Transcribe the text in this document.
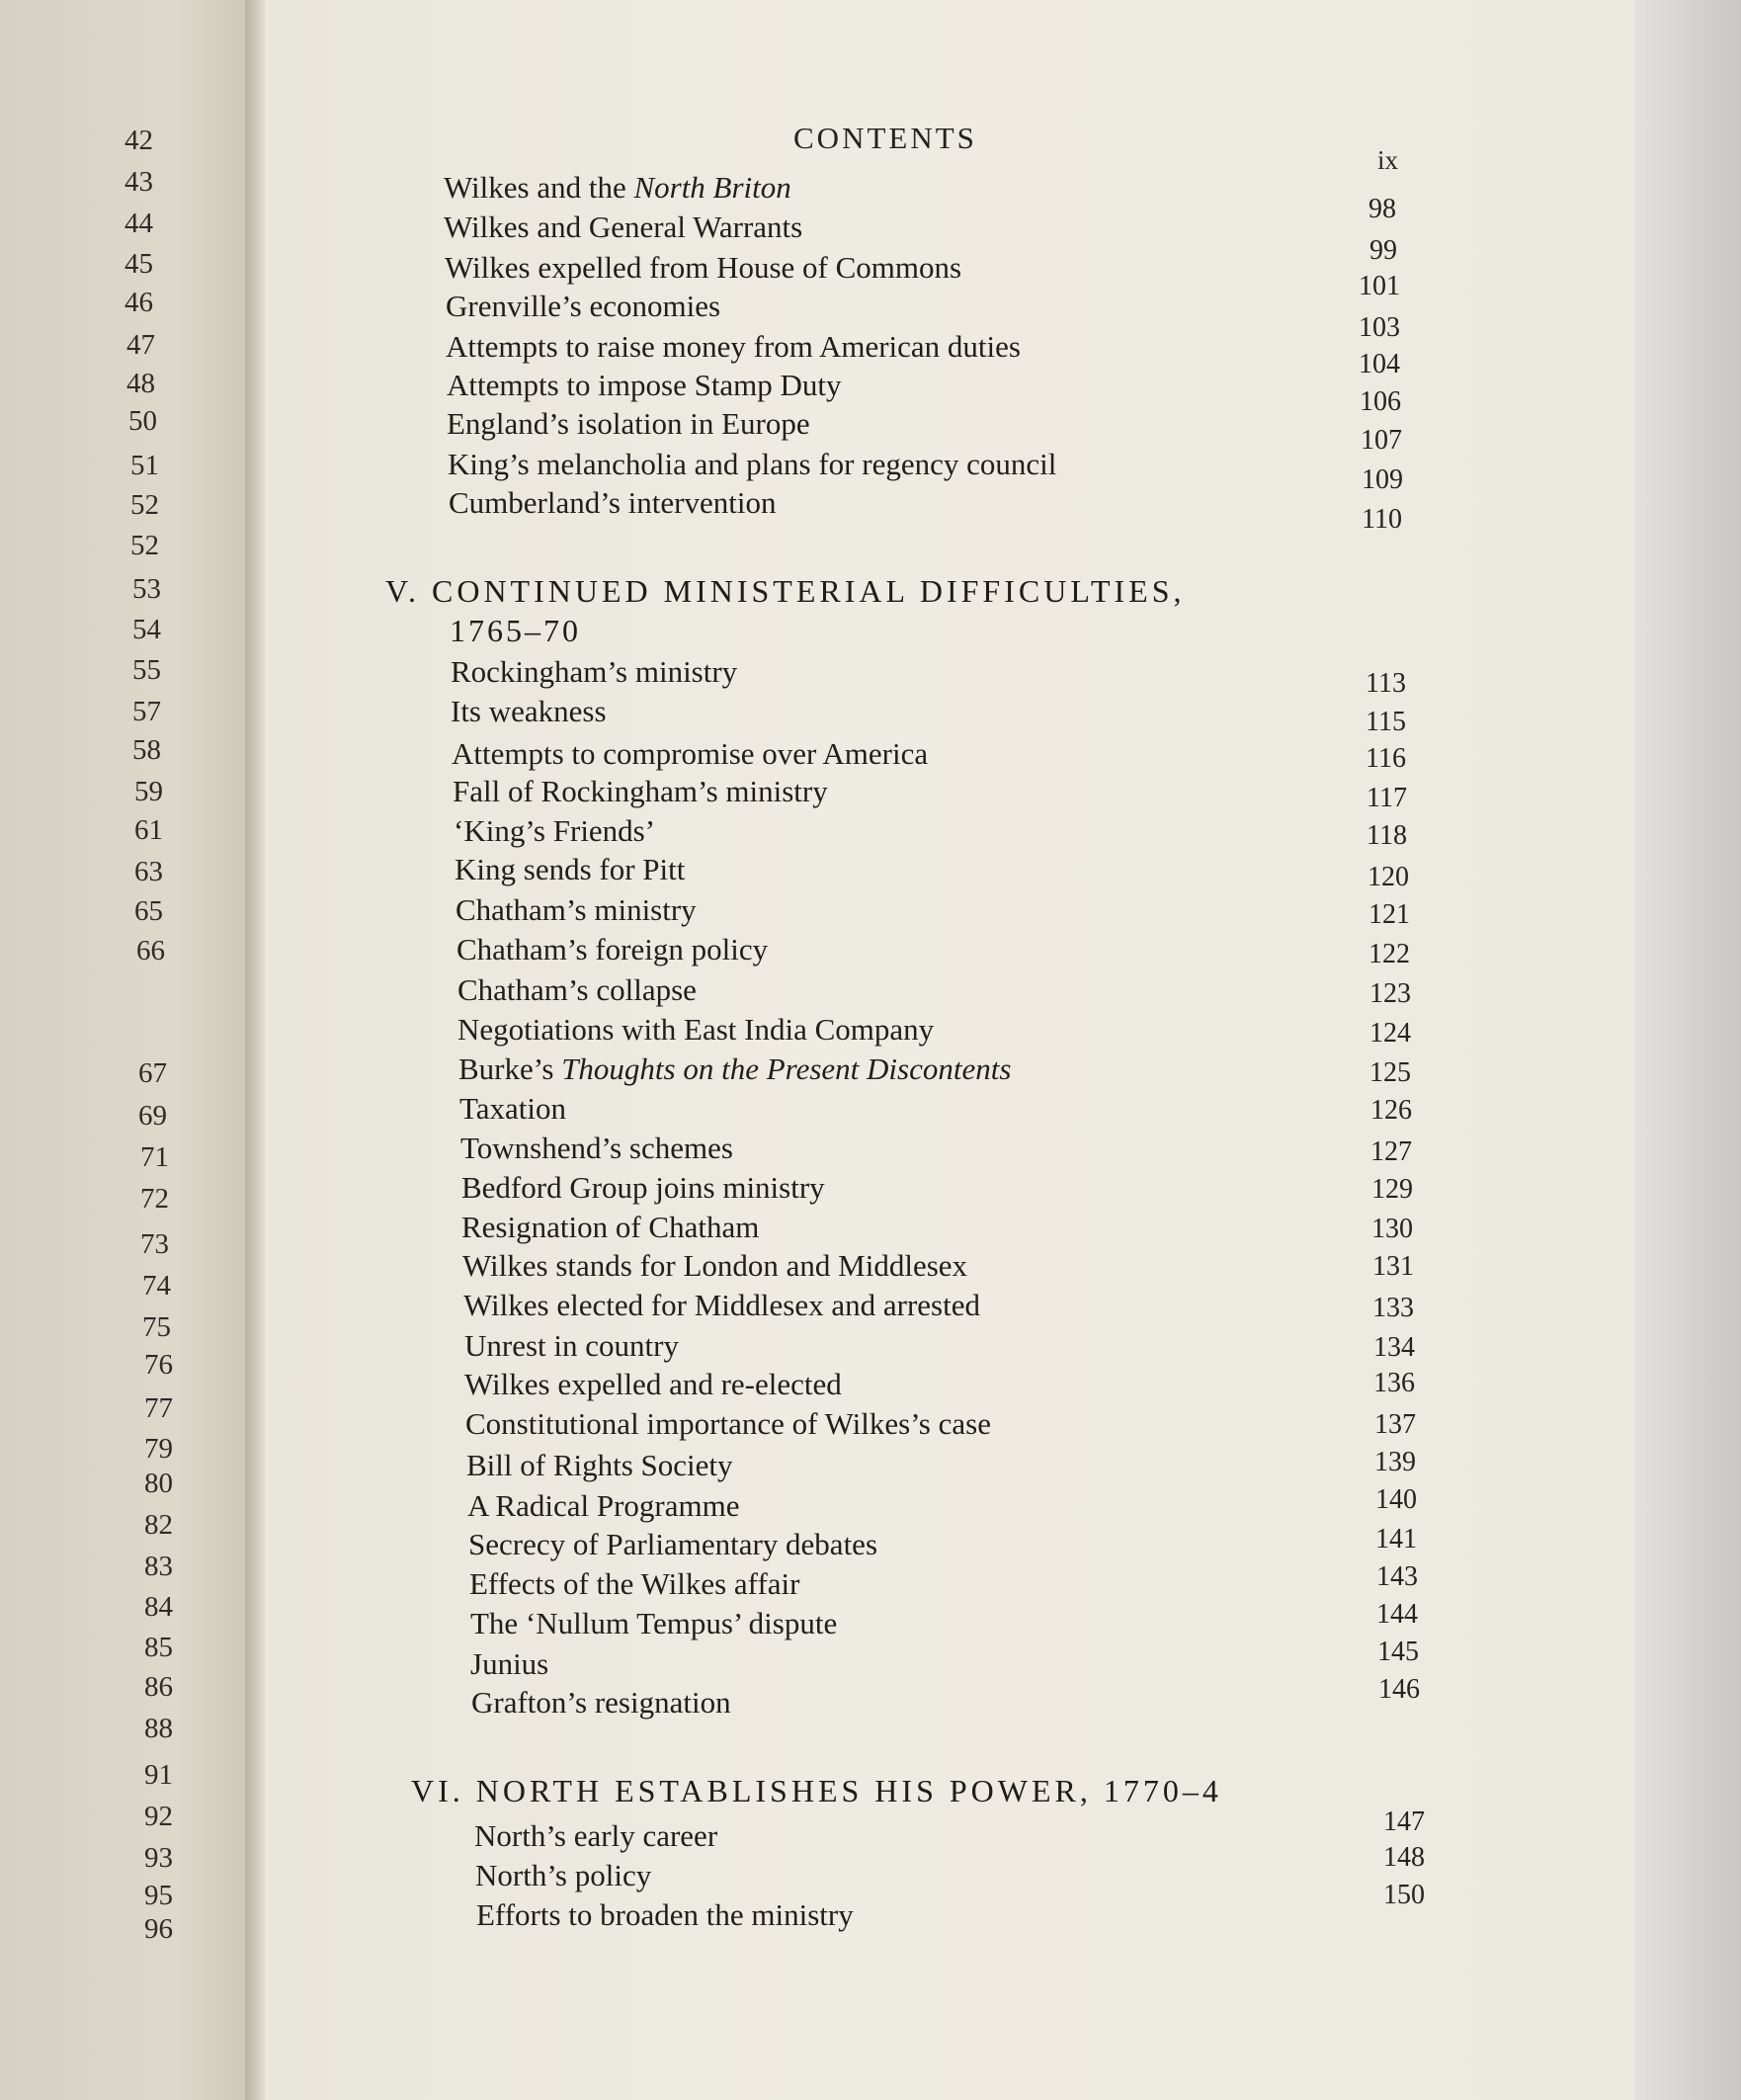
42
43
44
45
46
47
48
50
51
52
52
53
54
55
57
58
59
61
63
65
66
67
69
71
72
73
74
75
76
77
79
80
82
83
84
85
86
88
91
92
93
95
96
CONTENTS
ix
Wilkes and the North Briton
Wilkes and General Warrants
Wilkes expelled from House of Commons
Grenville’s economies
Attempts to raise money from American duties
Attempts to impose Stamp Duty
England’s isolation in Europe
King’s melancholia and plans for regency council
Cumberland’s intervention
98
99
101
103
104
106
107
109
110
V. CONTINUED MINISTERIAL DIFFICULTIES,
1765–70
Rockingham’s ministry
Its weakness
Attempts to compromise over America
Fall of Rockingham’s ministry
‘King’s Friends’
King sends for Pitt
Chatham’s ministry
Chatham’s foreign policy
Chatham’s collapse
Negotiations with East India Company
Burke’s Thoughts on the Present Discontents
Taxation
Townshend’s schemes
Bedford Group joins ministry
Resignation of Chatham
Wilkes stands for London and Middlesex
Wilkes elected for Middlesex and arrested
Unrest in country
Wilkes expelled and re-elected
Constitutional importance of Wilkes’s case
Bill of Rights Society
A Radical Programme
Secrecy of Parliamentary debates
Effects of the Wilkes affair
The ‘Nullum Tempus’ dispute
Junius
Grafton’s resignation
113
115
116
117
118
120
121
122
123
124
125
126
127
129
130
131
133
134
136
137
139
140
141
143
144
145
146
VI. NORTH ESTABLISHES HIS POWER, 1770–4
North’s early career
North’s policy
Efforts to broaden the ministry
147
148
150
